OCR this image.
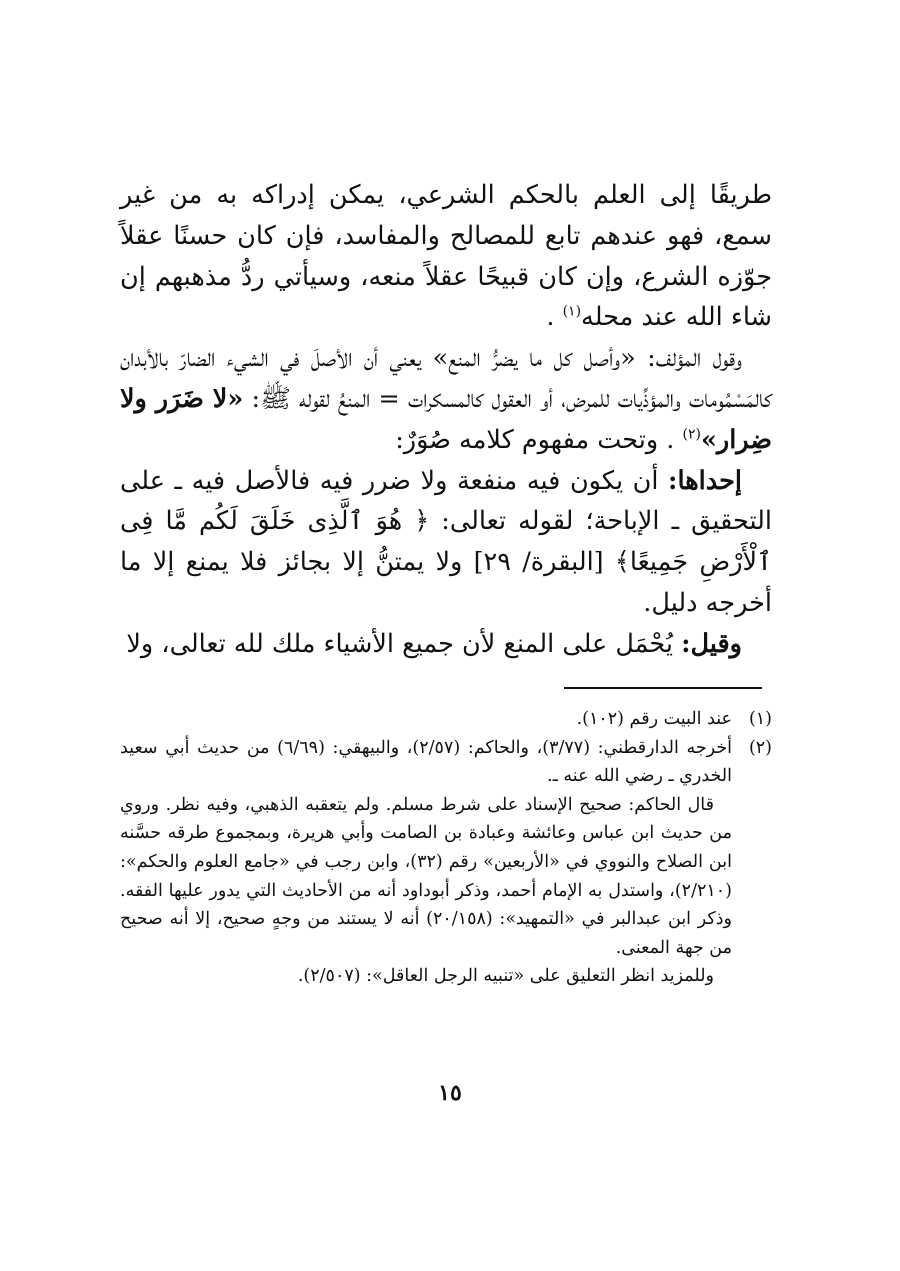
طريقًا إلى العلم بالحكم الشرعي، يمكن إدراكه به من غير سمع، فهو عندهم تابع للمصالح والمفاسد، فإن كان حسنًا عقلاً جوّزه الشرع، وإن كان قبيحًا عقلاً منعه، وسيأتي ردُّ مذهبهم إن شاء الله عند محله$^{(١)}$ .

وقول المؤلف: «وأصل كل ما يضرُّ المنع» يعني أن الأصلَ في الشيء الضارّ بالأبدان كالمَسْمُومات والمؤذِّيات للمرض، أو العقول كالمسكرات = المنعُ لقوله ﷺ: «لا ضَرَر ولا ضِرار»$^{(٢)}$ . وتحت مفهوم كلامه صُوَرٌ:

إحداها: أن يكون فيه منفعة ولا ضرر فيه فالأصل فيه ـ على التحقيق ـ الإباحة؛ لقوله تعالى: ﴿ هُوَ ٱلَّذِى خَلَقَ لَكُم مَّا فِى ٱلْأَرْضِ جَمِيعًا﴾ [البقرة/ ٢٩] ولا يمتنُّ إلا بجائز فلا يمنع إلا ما أخرجه دليل.

وقيل: يُحْمَل على المنع لأن جميع الأشياء ملك لله تعالى، ولا

(١)
عند البيت رقم (١٠٢).
(٢)
أخرجه الدارقطني: (٣/٧٧)، والحاكم: (٢/٥٧)، والبيهقي: (٦/٦٩) من حديث أبي سعيد الخدري ـ رضي الله عنه ـ.

قال الحاكم: صحيح الإسناد على شرط مسلم. ولم يتعقبه الذهبي، وفيه نظر. وروي من حديث ابن عباس وعائشة وعبادة بن الصامت وأبي هريرة، وبمجموع طرقه حسَّنه ابن الصلاح والنووي في «الأربعين» رقم (٣٢)، وابن رجب في «جامع العلوم والحكم»: (٢/٢١٠)، واستدل به الإمام أحمد، وذكر أبوداود أنه من الأحاديث التي يدور عليها الفقه. وذكر ابن عبدالبر في «التمهيد»: (٢٠/١٥٨) أنه لا يستند من وجهٍ صحيح، إلا أنه صحيح من جهة المعنى.

وللمزيد انظر التعليق على «تنبيه الرجل العاقل»: (٢/٥٠٧).

١٥
